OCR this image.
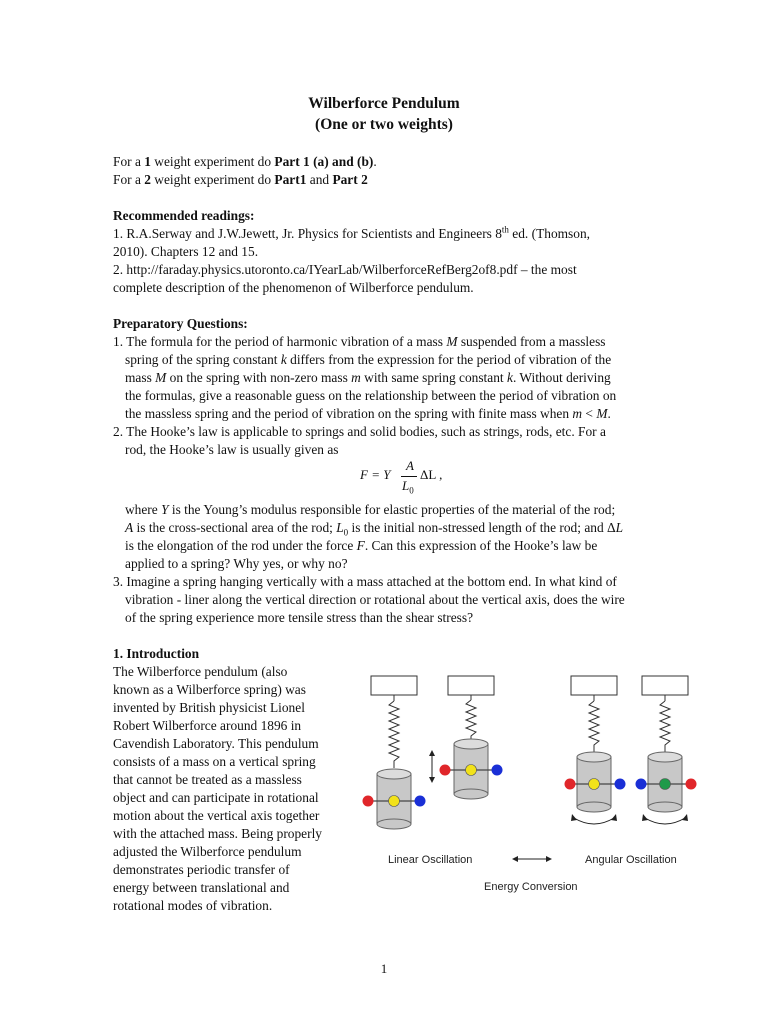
Wilberforce Pendulum
(One or two weights)
For a 1 weight experiment do Part 1 (a) and (b).
For a 2 weight experiment do Part1 and Part 2
Recommended readings:
1. R.A.Serway and J.W.Jewett, Jr. Physics for Scientists and Engineers 8th ed. (Thomson,
2010). Chapters 12 and 15.
2. http://faraday.physics.utoronto.ca/IYearLab/WilberforceRefBerg2of8.pdf – the most
complete description of the phenomenon of Wilberforce pendulum.
Preparatory Questions:
1. The formula for the period of harmonic vibration of a mass M suspended from a massless
spring of the spring constant k differs from the expression for the period of vibration of the
mass M on the spring with non-zero mass m with same spring constant k. Without deriving
the formulas, give a reasonable guess on the relationship between the period of vibration on
the massless spring and the period of vibration on the spring with finite mass when m < M.
2. The Hooke’s law is applicable to springs and solid bodies, such as strings, rods, etc. For a
rod, the Hooke’s law is usually given as
F = Y
A
$L_0$
ΔL ,
where Y is the Young’s modulus responsible for elastic properties of the material of the rod;
A is the cross-sectional area of the rod; $L_0$ is the initial non-stressed length of the rod; and ΔL
is the elongation of the rod under the force F. Can this expression of the Hooke’s law be
applied to a spring? Why yes, or why no?
3. Imagine a spring hanging vertically with a mass attached at the bottom end. In what kind of
vibration - liner along the vertical direction or rotational about the vertical axis, does the wire
of the spring experience more tensile stress than the shear stress?
1. Introduction
The Wilberforce pendulum (also
known as a Wilberforce spring) was
invented by British physicist Lionel
Robert Wilberforce around 1896 in
Cavendish Laboratory. This pendulum
consists of a mass on a vertical spring
that cannot be treated as a massless
object and can participate in rotational
motion about the vertical axis together
with the attached mass. Being properly
adjusted the Wilberforce pendulum
demonstrates periodic transfer of
energy between translational and
rotational modes of vibration.
Linear Oscillation	Angular Oscillation
Energy Conversion
1
